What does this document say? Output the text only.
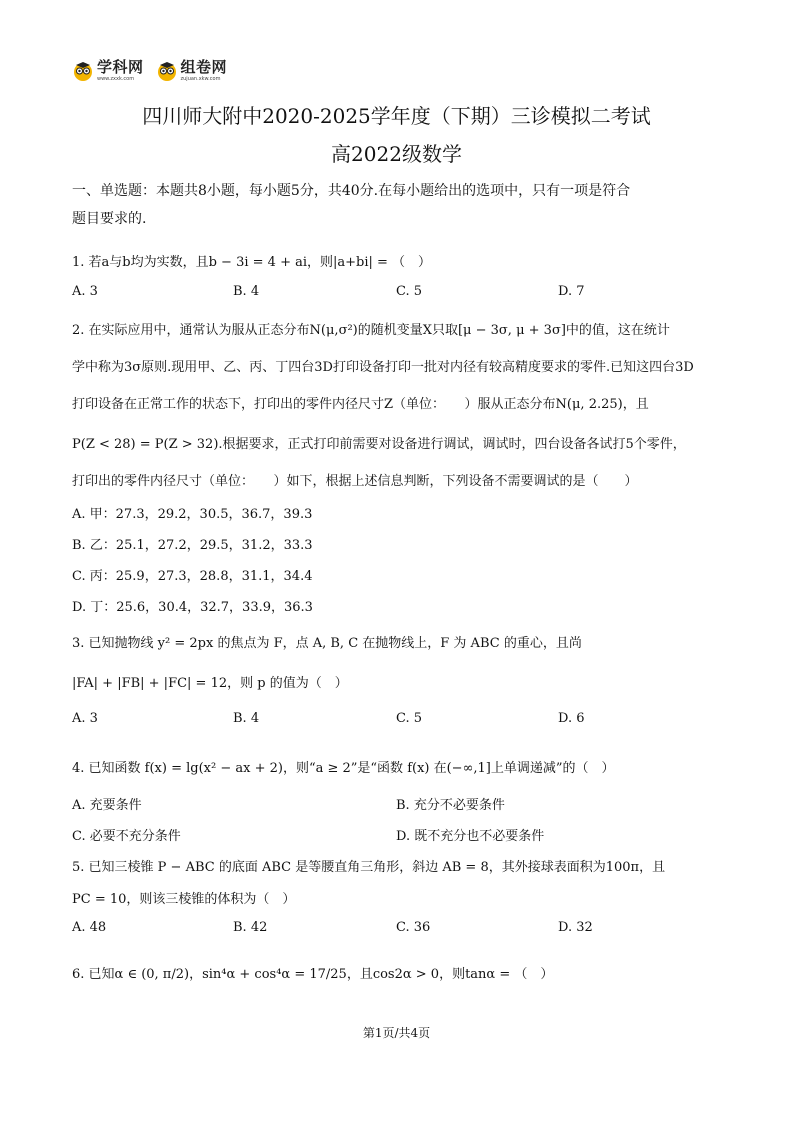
学科网
www.zxxk.com
组卷网
zujuan.xkw.com
四川师大附中2020-2025学年度（下期）三诊模拟二考试
高2022级数学
一、单选题：本题共8小题，每小题5分，共40分.在每小题给出的选项中，只有一项是符合
题目要求的.
1. 若a与b均为实数，且b − 3i = 4 + ai，则|a+bi| = （　）
A. 3	B. 4	C. 5	D. 7
2. 在实际应用中，通常认为服从正态分布N(μ,σ²)的随机变量X只取[μ − 3σ, μ + 3σ]中的值，这在统计
学中称为3σ原则.现用甲、乙、丙、丁四台3D打印设备打印一批对内径有较高精度要求的零件.已知这四台3D
打印设备在正常工作的状态下，打印出的零件内径尺寸Z（单位：　　）服从正态分布N(μ, 2.25)，且
P(Z < 28) = P(Z > 32).根据要求，正式打印前需要对设备进行调试，调试时，四台设备各试打5个零件，
打印出的零件内径尺寸（单位：　　）如下，根据上述信息判断，下列设备不需要调试的是（　　）
A. 甲：27.3，29.2，30.5，36.7，39.3
B. 乙：25.1，27.2，29.5，31.2，33.3
C. 丙：25.9，27.3，28.8，31.1，34.4
D. 丁：25.6，30.4，32.7，33.9，36.3
3. 已知抛物线 y² = 2px 的焦点为 F，点 A, B, C 在抛物线上，F 为 ABC 的重心，且尚
|FA| + |FB| + |FC| = 12，则 p 的值为（　）
A. 3	B. 4	C. 5	D. 6
4. 已知函数 f(x) = lg(x² − ax + 2)，则“a ≥ 2”是“函数 f(x) 在(−∞,1]上单调递减”的（　）
A. 充要条件	B. 充分不必要条件
C. 必要不充分条件	D. 既不充分也不必要条件
5. 已知三棱锥 P − ABC 的底面 ABC 是等腰直角三角形，斜边 AB = 8，其外接球表面积为100π，且
PC = 10，则该三棱锥的体积为（　）
A. 48	B. 42	C. 36	D. 32
6. 已知α ∈ (0, π/2)，sin⁴α + cos⁴α = 17/25，且cos2α > 0，则tanα = （　）
第1页/共4页
